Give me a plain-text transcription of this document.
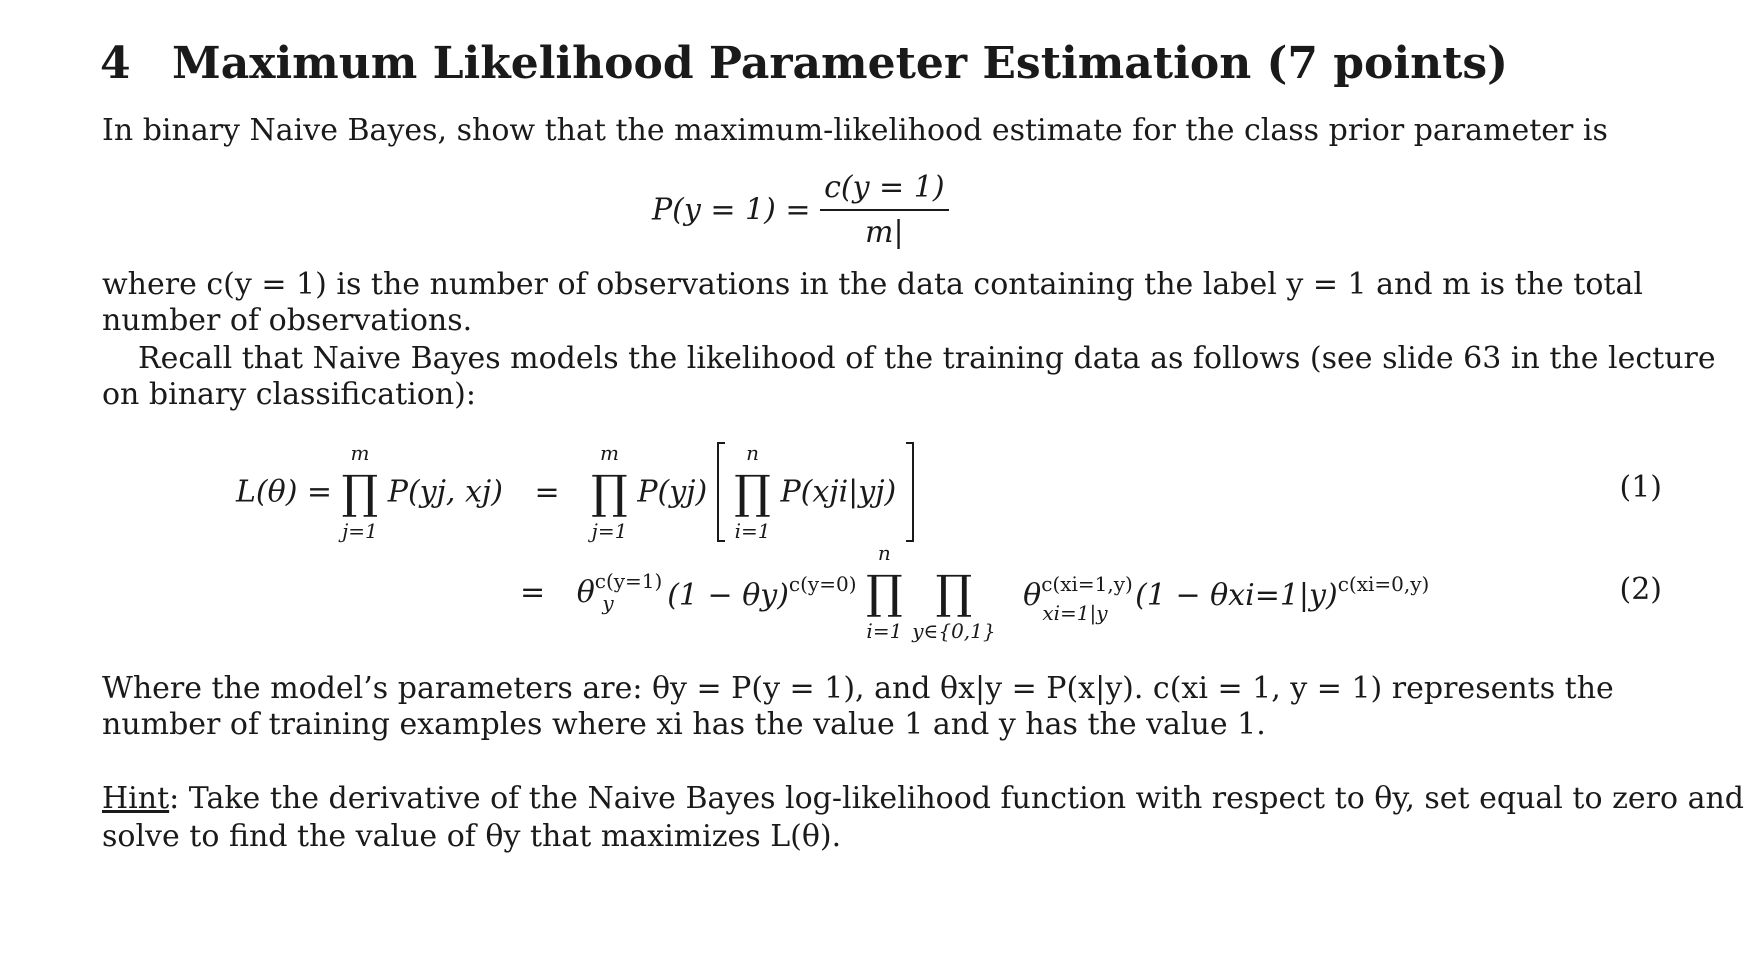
4 Maximum Likelihood Parameter Estimation (7 points)
In binary Naive Bayes, show that the maximum-likelihood estimate for the class prior parameter is
$P(y = 1) = \frac{c(y = 1)}{m|}$
where c(y = 1) is the number of observations in the data containing the label y = 1 and m is the total
number of observations.
Recall that Naive Bayes models the likelihood of the training data as follows (see slide 63 in the lecture
on binary classification):
L(θ) =
m
∏
j=1
P(yj, xj) =
m
∏
j=1
P(yj)
n
∏
i=1
P(xji|yj)	(1)
= $\theta^{c(y=1)}_y$ $(1 - \theta y)^{c(y=0)}$
n
∏
i=1

∏
y∈{0,1}
$\theta^{c(xi=1,y)}$ $_{xi=1|y}$ (1 − θxi=1|y)$^{c(xi=0,y)}$	(2)
Where the model’s parameters are: θy = P(y = 1), and θx|y = P(x|y). c(xi = 1, y = 1) represents the
number of training examples where xi has the value 1 and y has the value 1.
Hint: Take the derivative of the Naive Bayes log-likelihood function with respect to θy, set equal to zero and
solve to find the value of θy that maximizes L(θ).
